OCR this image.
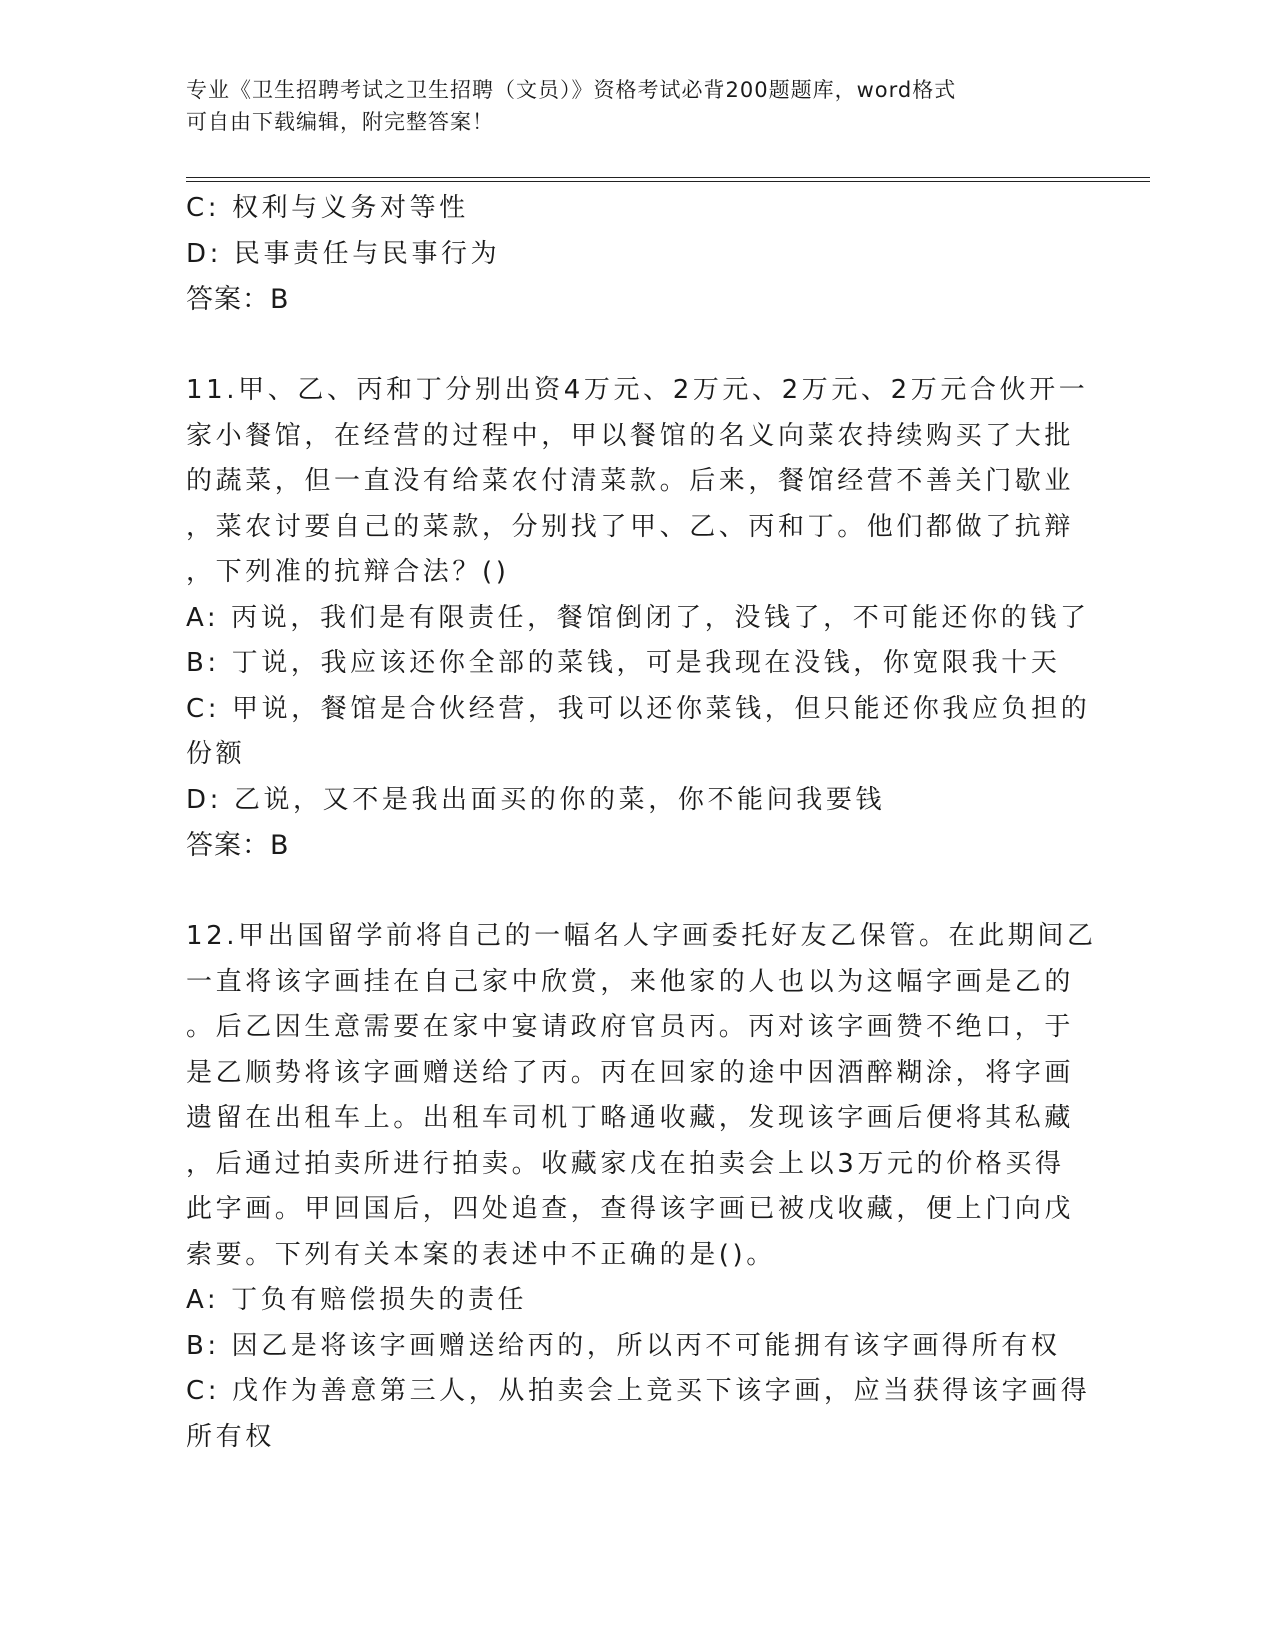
专业《卫生招聘考试之卫生招聘（文员）》资格考试必背200题题库，word格式
可自由下载编辑，附完整答案！
C: 权利与义务对等性
D: 民事责任与民事行为
答案：B
11.甲、乙、丙和丁分别出资4万元、2万元、2万元、2万元合伙开一
家小餐馆，在经营的过程中，甲以餐馆的名义向菜农持续购买了大批
的蔬菜，但一直没有给菜农付清菜款。后来，餐馆经营不善关门歇业
，菜农讨要自己的菜款，分别找了甲、乙、丙和丁。他们都做了抗辩
，下列准的抗辩合法？()
A: 丙说，我们是有限责任，餐馆倒闭了，没钱了，不可能还你的钱了
B: 丁说，我应该还你全部的菜钱，可是我现在没钱，你宽限我十天
C: 甲说，餐馆是合伙经营，我可以还你菜钱，但只能还你我应负担的
份额
D: 乙说，又不是我出面买的你的菜，你不能问我要钱
答案：B
12.甲出国留学前将自己的一幅名人字画委托好友乙保管。在此期间乙
一直将该字画挂在自己家中欣赏，来他家的人也以为这幅字画是乙的
。后乙因生意需要在家中宴请政府官员丙。丙对该字画赞不绝口，于
是乙顺势将该字画赠送给了丙。丙在回家的途中因酒醉糊涂，将字画
遗留在出租车上。出租车司机丁略通收藏，发现该字画后便将其私藏
，后通过拍卖所进行拍卖。收藏家戊在拍卖会上以3万元的价格买得
此字画。甲回国后，四处追查，查得该字画已被戊收藏，便上门向戊
索要。下列有关本案的表述中不正确的是()。
A: 丁负有赔偿损失的责任
B: 因乙是将该字画赠送给丙的，所以丙不可能拥有该字画得所有权
C: 戊作为善意第三人，从拍卖会上竞买下该字画，应当获得该字画得
所有权
